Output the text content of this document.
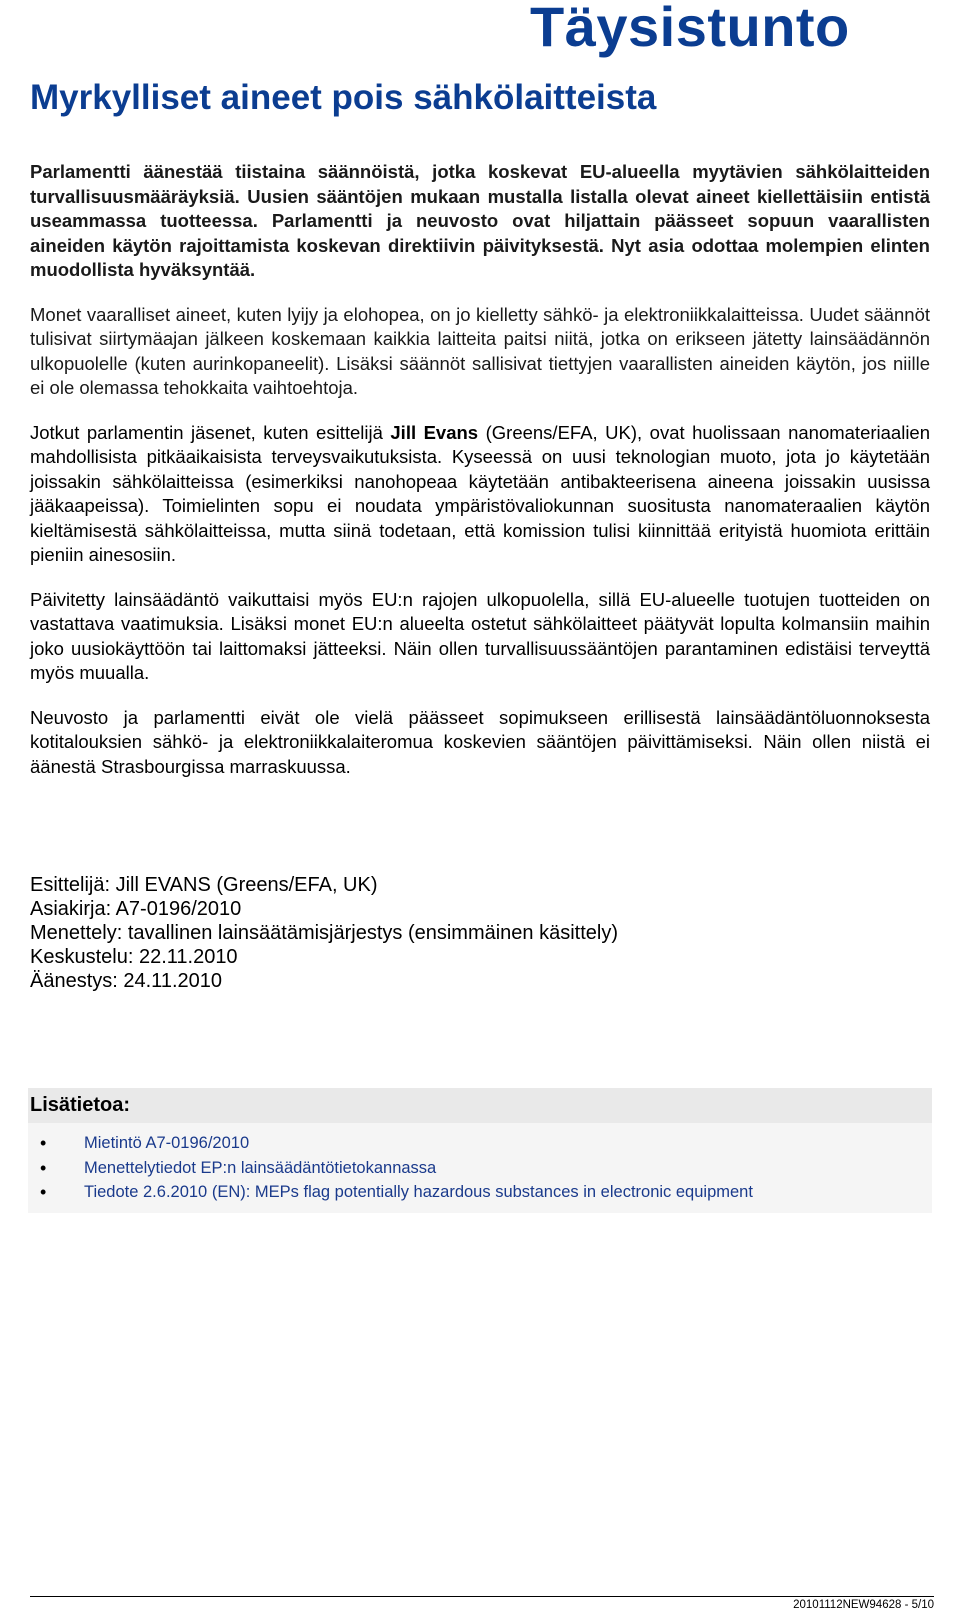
Täysistunto
Myrkylliset aineet pois sähkölaitteista

Parlamentti äänestää tiistaina säännöistä, jotka koskevat EU-alueella myytävien sähkölaitteiden turvallisuusmääräyksiä. Uusien sääntöjen mukaan mustalla listalla olevat aineet kiellettäisiin entistä useammassa tuotteessa. Parlamentti ja neuvosto ovat hiljattain päässeet sopuun vaarallisten aineiden käytön rajoittamista koskevan direktiivin päivityksestä. Nyt asia odottaa molempien elinten muodollista hyväksyntää.

Monet vaaralliset aineet, kuten lyijy ja elohopea, on jo kielletty sähkö- ja elektroniikkalaitteissa. Uudet säännöt tulisivat siirtymäajan jälkeen koskemaan kaikkia laitteita paitsi niitä, jotka on erikseen jätetty lainsäädännön ulkopuolelle (kuten aurinkopaneelit). Lisäksi säännöt sallisivat tiettyjen vaarallisten aineiden käytön, jos niille ei ole olemassa tehokkaita vaihtoehtoja.

Jotkut parlamentin jäsenet, kuten esittelijä Jill Evans (Greens/EFA, UK), ovat huolissaan nanomateriaalien mahdollisista pitkäaikaisista terveysvaikutuksista. Kyseessä on uusi teknologian muoto, jota jo käytetään joissakin sähkölaitteissa (esimerkiksi nanohopeaa käytetään antibakteerisena aineena joissakin uusissa jääkaapeissa). Toimielinten sopu ei noudata ympäristövaliokunnan suositusta nanomateraalien käytön kieltämisestä sähkölaitteissa, mutta siinä todetaan, että komission tulisi kiinnittää erityistä huomiota erittäin pieniin ainesosiin.

Päivitetty lainsäädäntö vaikuttaisi myös EU:n rajojen ulkopuolella, sillä EU-alueelle tuotujen tuotteiden on vastattava vaatimuksia. Lisäksi monet EU:n alueelta ostetut sähkölaitteet päätyvät lopulta kolmansiin maihin joko uusiokäyttöön tai laittomaksi jätteeksi. Näin ollen turvallisuussääntöjen parantaminen edistäisi terveyttä myös muualla.

Neuvosto ja parlamentti eivät ole vielä päässeet sopimukseen erillisestä lainsäädäntöluonnoksesta kotitalouksien sähkö- ja elektroniikkalaiteromua koskevien sääntöjen päivittämiseksi. Näin ollen niistä ei äänestä Strasbourgissa marraskuussa.

Esittelijä: Jill EVANS (Greens/EFA, UK)
Asiakirja: A7-0196/2010
Menettely: tavallinen lainsäätämisjärjestys (ensimmäinen käsittely)
Keskustelu: 22.11.2010
Äänestys: 24.11.2010
Lisätietoa:
• Mietintö A7-0196/2010
• Menettelytiedot EP:n lainsäädäntötietokannassa
• Tiedote 2.6.2010 (EN): MEPs flag potentially hazardous substances in electronic equipment
20101112NEW94628 - 5/10
